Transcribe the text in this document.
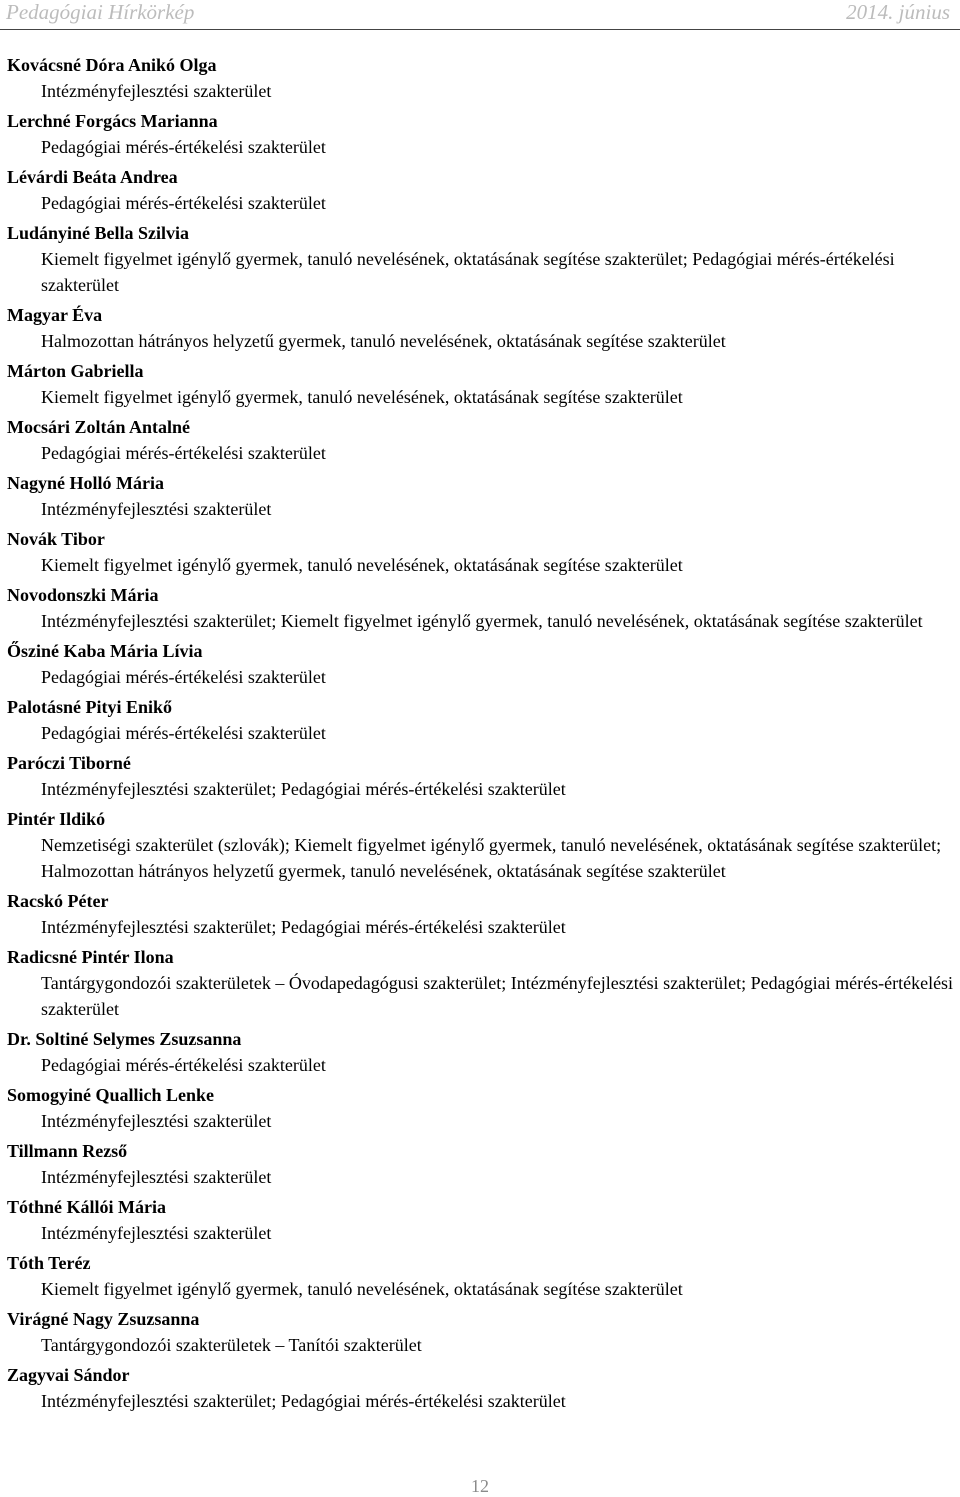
Pedagógiai Hírkörkép	2014. június
Kovácsné Dóra Anikó Olga
Intézményfejlesztési szakterület
Lerchné Forgács Marianna
Pedagógiai mérés-értékelési szakterület
Lévárdi Beáta Andrea
Pedagógiai mérés-értékelési szakterület
Ludányiné Bella Szilvia
Kiemelt figyelmet igénylő gyermek, tanuló nevelésének, oktatásának segítése szakterület; Pedagógiai mérés-értékelési szakterület
Magyar Éva
Halmozottan hátrányos helyzetű gyermek, tanuló nevelésének, oktatásának segítése szakterület
Márton Gabriella
Kiemelt figyelmet igénylő gyermek, tanuló nevelésének, oktatásának segítése szakterület
Mocsári Zoltán Antalné
Pedagógiai mérés-értékelési szakterület
Nagyné Holló Mária
Intézményfejlesztési szakterület
Novák Tibor
Kiemelt figyelmet igénylő gyermek, tanuló nevelésének, oktatásának segítése szakterület
Novodonszki Mária
Intézményfejlesztési szakterület; Kiemelt figyelmet igénylő gyermek, tanuló nevelésének, oktatásának segítése szakterület
Ősziné Kaba Mária Lívia
Pedagógiai mérés-értékelési szakterület
Palotásné Pityi Enikő
Pedagógiai mérés-értékelési szakterület
Paróczi Tiborné
Intézményfejlesztési szakterület; Pedagógiai mérés-értékelési szakterület
Pintér Ildikó
Nemzetiségi szakterület (szlovák); Kiemelt figyelmet igénylő gyermek, tanuló nevelésének, oktatásának segítése szakterület; Halmozottan hátrányos helyzetű gyermek, tanuló nevelésének, oktatásának segítése szakterület
Racskó Péter
Intézményfejlesztési szakterület; Pedagógiai mérés-értékelési szakterület
Radicsné Pintér Ilona
Tantárgygondozói szakterületek – Óvodapedagógusi szakterület; Intézményfejlesztési szakterület; Pedagógiai mérés-értékelési szakterület
Dr. Soltiné Selymes Zsuzsanna
Pedagógiai mérés-értékelési szakterület
Somogyiné Quallich Lenke
Intézményfejlesztési szakterület
Tillmann Rezső
Intézményfejlesztési szakterület
Tóthné Kállói Mária
Intézményfejlesztési szakterület
Tóth Teréz
Kiemelt figyelmet igénylő gyermek, tanuló nevelésének, oktatásának segítése szakterület
Virágné Nagy Zsuzsanna
Tantárgygondozói szakterületek – Tanítói szakterület
Zagyvai Sándor
Intézményfejlesztési szakterület; Pedagógiai mérés-értékelési szakterület
12
